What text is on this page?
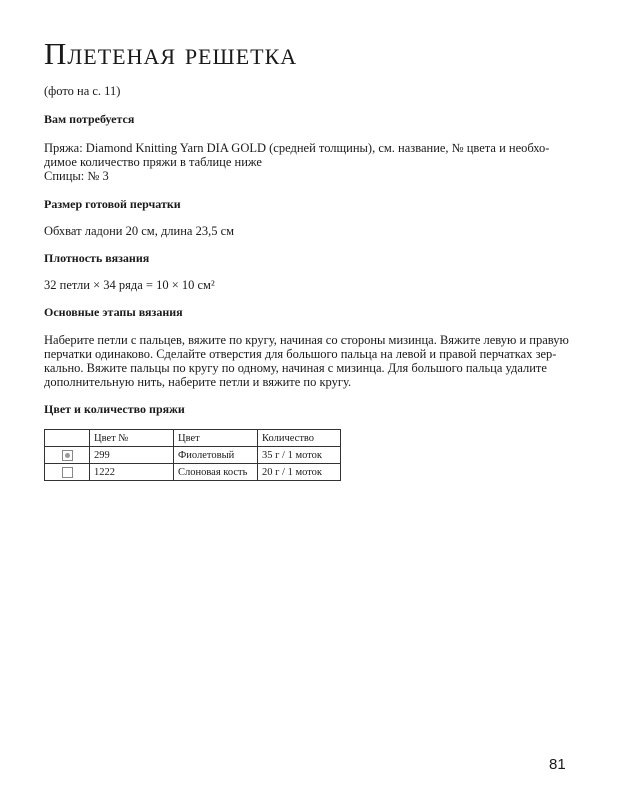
Плетеная решетка
(фото на с. 11)
Вам потребуется
Пряжа: Diamond Knitting Yarn DIA GOLD (средней толщины), см. название, № цвета и необхо-
димое количество пряжи в таблице ниже
Спицы: № 3
Размер готовой перчатки
Обхват ладони 20 см, длина 23,5 см
Плотность вязания
32 петли × 34 ряда = 10 × 10 см²
Основные этапы вязания
Наберите петли с пальцев, вяжите по кругу, начиная со стороны мизинца. Вяжите левую и правую
перчатки одинаково. Сделайте отверстия для большого пальца на левой и правой перчатках зер-
кально. Вяжите пальцы по кругу по одному, начиная с мизинца. Для большого пальца удалите
дополнительную нить, наберите петли и вяжите по кругу.
Цвет и количество пряжи
	Цвет №	Цвет	Количество
	299	Фиолетовый	35 г / 1 моток
	1222	Слоновая кость	20 г / 1 моток
81
